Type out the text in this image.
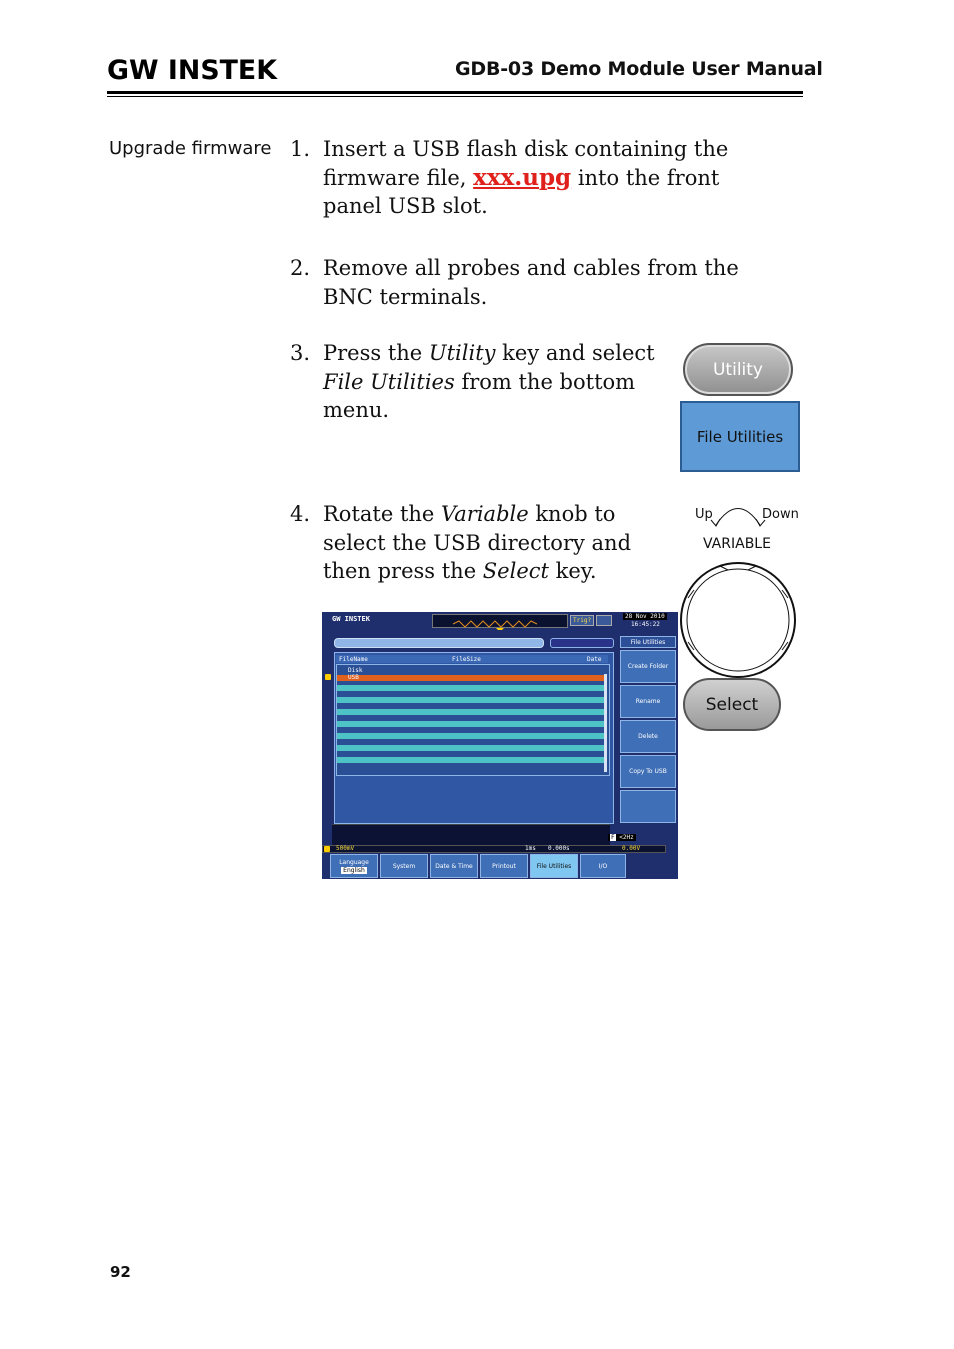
GW INSTEK	GDB-03 Demo Module User Manual
Upgrade firmware 1. Insert a USB flash disk containing the firmware file, xxx.upg into the front panel USB slot.
2. Remove all probes and cables from the BNC terminals.
3. Press the Utility key and select File Utilities from the bottom menu.
Utility
File Utilities
4. Rotate the Variable knob to select the USB directory and then press the Select key.
Up	Down
VARIABLE
Select
GW INSTEK	Trig?
28 Nov 2010
16:45:22
FileName	FileSize	Date
Disk
USB
File Utilities
Create Folder
Rename
Delete
Copy To USB
F <2Hz
500mV	1ms 0.000s	0.00V
Language
English
System	Date & Time	Printout	File Utilities	I/O
92
